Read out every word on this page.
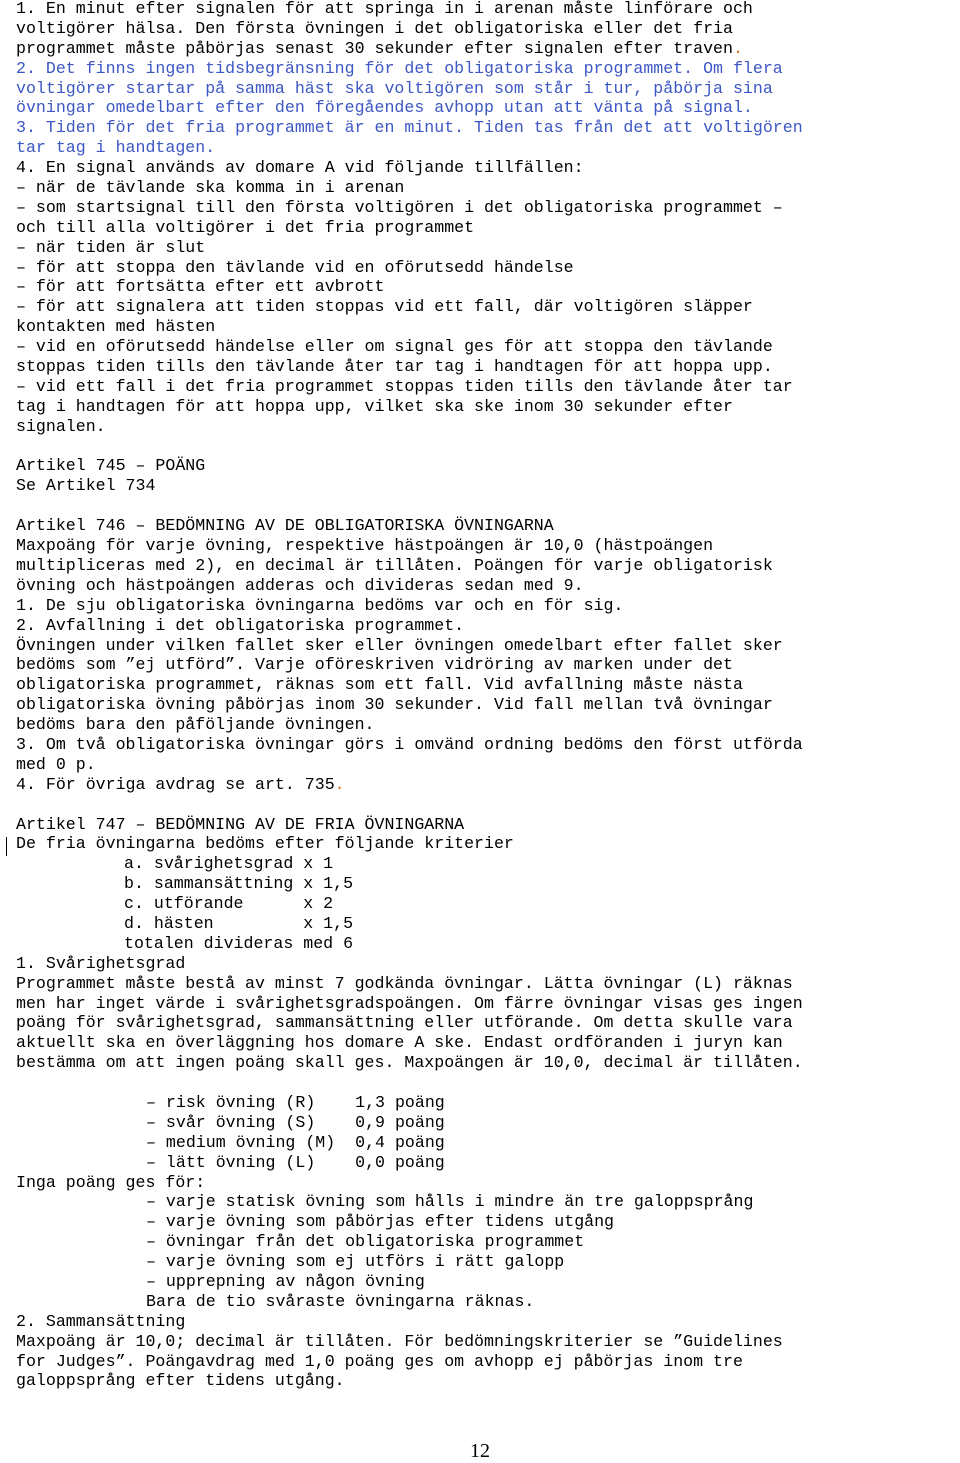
1. En minut efter signalen för att springa in i arenan måste linförare och
voltigörer hälsa. Den första övningen i det obligatoriska eller det fria
programmet måste påbörjas senast 30 sekunder efter signalen efter traven.
2. Det finns ingen tidsbegränsning för det obligatoriska programmet. Om flera
voltigörer startar på samma häst ska voltigören som står i tur, påbörja sina
övningar omedelbart efter den föregåendes avhopp utan att vänta på signal.
3. Tiden för det fria programmet är en minut. Tiden tas från det att voltigören
tar tag i handtagen.
4. En signal används av domare A vid följande tillfällen:
– när de tävlande ska komma in i arenan
– som startsignal till den första voltigören i det obligatoriska programmet –
och till alla voltigörer i det fria programmet
– när tiden är slut
– för att stoppa den tävlande vid en oförutsedd händelse
– för att fortsätta efter ett avbrott
– för att signalera att tiden stoppas vid ett fall, där voltigören släpper
kontakten med hästen
– vid en oförutsedd händelse eller om signal ges för att stoppa den tävlande
stoppas tiden tills den tävlande åter tar tag i handtagen för att hoppa upp.
– vid ett fall i det fria programmet stoppas tiden tills den tävlande åter tar
tag i handtagen för att hoppa upp, vilket ska ske inom 30 sekunder efter
signalen.
Artikel 745 – POÄNG
Se Artikel 734
Artikel 746 – BEDÖMNING AV DE OBLIGATORISKA ÖVNINGARNA
Maxpoäng för varje övning, respektive hästpoängen är 10,0 (hästpoängen
multipliceras med 2), en decimal är tillåten. Poängen för varje obligatorisk
övning och hästpoängen adderas och divideras sedan med 9.
1. De sju obligatoriska övningarna bedöms var och en för sig.
2. Avfallning i det obligatoriska programmet.
Övningen under vilken fallet sker eller övningen omedelbart efter fallet sker
bedöms som ”ej utförd”. Varje oföreskriven vidröring av marken under det
obligatoriska programmet, räknas som ett fall. Vid avfallning måste nästa
obligatoriska övning påbörjas inom 30 sekunder. Vid fall mellan två övningar
bedöms bara den påföljande övningen.
3. Om två obligatoriska övningar görs i omvänd ordning bedöms den först utförda
med 0 p.
4. För övriga avdrag se art. 735.
Artikel 747 – BEDÖMNING AV DE FRIA ÖVNINGARNA
De fria övningarna bedöms efter följande kriterier
a. svårighetsgrad x 1
b. sammansättning x 1,5
c. utförande      x 2
d. hästen         x 1,5
totalen divideras med 6
1. Svårighetsgrad
Programmet måste bestå av minst 7 godkända övningar. Lätta övningar (L) räknas
men har inget värde i svårighetsgradspoängen. Om färre övningar visas ges ingen
poäng för svårighetsgrad, sammansättning eller utförande. Om detta skulle vara
aktuellt ska en överläggning hos domare A ske. Endast ordföranden i juryn kan
bestämma om att ingen poäng skall ges. Maxpoängen är 10,0, decimal är tillåten.
– risk övning (R)    1,3 poäng
– svår övning (S)    0,9 poäng
– medium övning (M)  0,4 poäng
– lätt övning (L)    0,0 poäng
Inga poäng ges för:
– varje statisk övning som hålls i mindre än tre galoppsprång
– varje övning som påbörjas efter tidens utgång
– övningar från det obligatoriska programmet
– varje övning som ej utförs i rätt galopp
– upprepning av någon övning
Bara de tio svåraste övningarna räknas.
2. Sammansättning
Maxpoäng är 10,0; decimal är tillåten. För bedömningskriterier se ”Guidelines
for Judges”. Poängavdrag med 1,0 poäng ges om avhopp ej påbörjas inom tre
galoppsprång efter tidens utgång.
12
